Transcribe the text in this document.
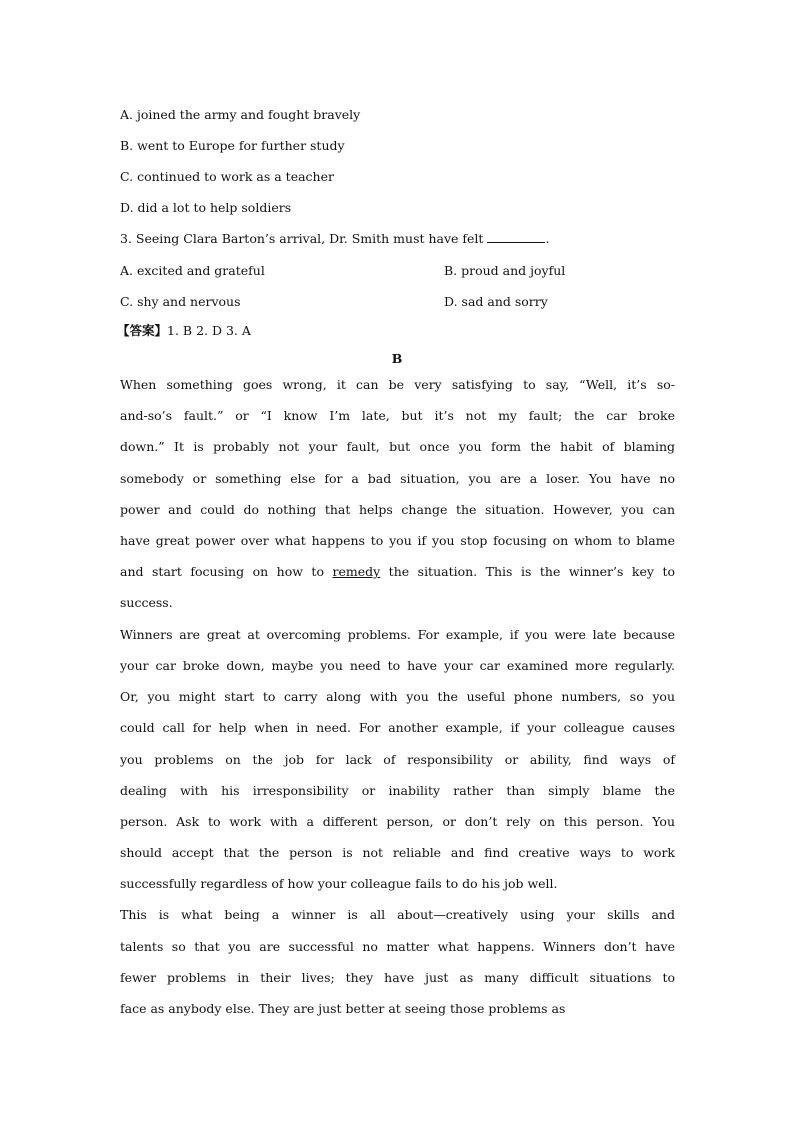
A. joined the army and fought bravely
B. went to Europe for further study
C. continued to work as a teacher
D. did a lot to help soldiers
3. Seeing Clara Barton’s arrival, Dr. Smith must have felt	.
A. excited and grateful	B. proud and joyful
C. shy and nervous	D. sad and sorry
【答案】1. B 2. D 3. A
B
When something goes wrong, it can be very satisfying to say, “Well, it’s so-
and-so’s fault.” or “I know I’m late, but it’s not my fault; the car broke
down.” It is probably not your fault, but once you form the habit of blaming
somebody or something else for a bad situation, you are a loser. You have no
power and could do nothing that helps change the situation. However, you can
have great power over what happens to you if you stop focusing on whom to blame
and start focusing on how to remedy the situation. This is the winner’s key to
success.
Winners are great at overcoming problems. For example, if you were late because
your car broke down, maybe you need to have your car examined more regularly.
Or, you might start to carry along with you the useful phone numbers, so you
could call for help when in need. For another example, if your colleague causes
you problems on the job for lack of responsibility or ability, find ways of
dealing with his irresponsibility or inability rather than simply blame the
person. Ask to work with a different person, or don’t rely on this person. You
should accept that the person is not reliable and find creative ways to work
successfully regardless of how your colleague fails to do his job well.
This is what being a winner is all about—creatively using your skills and
talents so that you are successful no matter what happens. Winners don’t have
fewer problems in their lives; they have just as many difficult situations to
face as anybody else. They are just better at seeing those problems as
